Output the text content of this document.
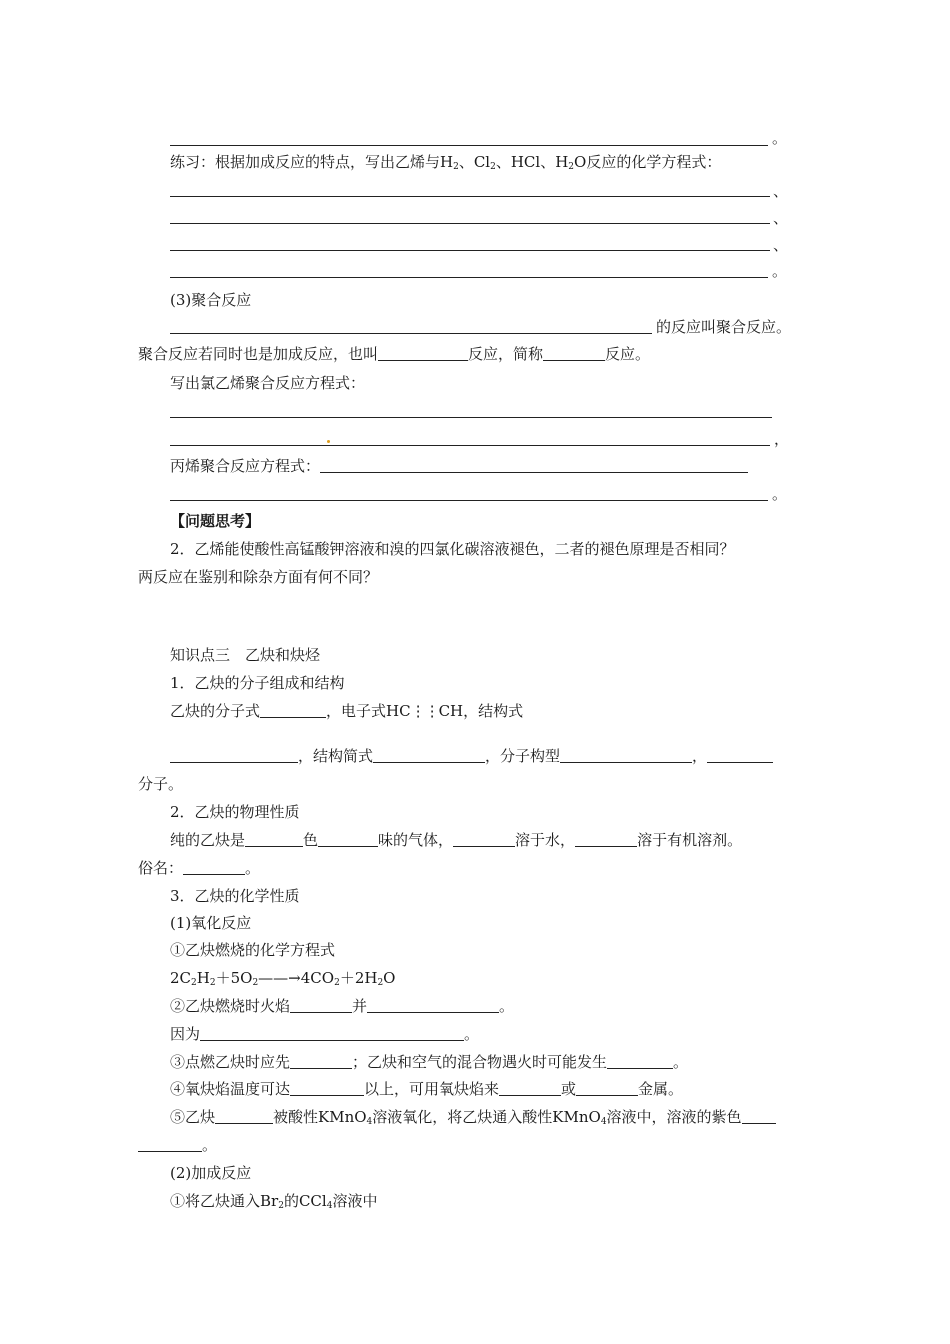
。
练习：根据加成反应的特点，写出乙烯与$H_2$、$Cl_2$、HCl、$H_2O$反应的化学方程式：
、
、
、
。
(3)聚合反应
的反应叫聚合反应。
聚合反应若同时也是加成反应，也叫	反应，简称	反应。
写出氯乙烯聚合反应方程式：
，
丙烯聚合反应方程式：
。
【问题思考】
2．乙烯能使酸性高锰酸钾溶液和溴的四氯化碳溶液褪色，二者的褪色原理是否相同？
两反应在鉴别和除杂方面有何不同？
知识点三　乙炔和炔烃
1．乙炔的分子组成和结构
乙炔的分子式	，电子式HC⋮⋮CH，结构式
，结构简式	，分子构型	，
分子。
2．乙炔的物理性质
纯的乙炔是	色	味的气体，	溶于水，	溶于有机溶剂。
俗名：	。
3．乙炔的化学性质
(1)氧化反应
①乙炔燃烧的化学方程式
$2C_2H_2+5O_2——\to 4CO_2+2H_2O$
②乙炔燃烧时火焰	并	。
因为	。
③点燃乙炔时应先	；乙炔和空气的混合物遇火时可能发生	。
④氧炔焰温度可达	以上，可用氧炔焰来	或	金属。
⑤乙炔	被酸性KMnO$_4$溶液氧化，将乙炔通入酸性KMnO$_4$溶液中，溶液的紫色
。
(2)加成反应
①将乙炔通入$Br_2$的CCl$_4$溶液中
